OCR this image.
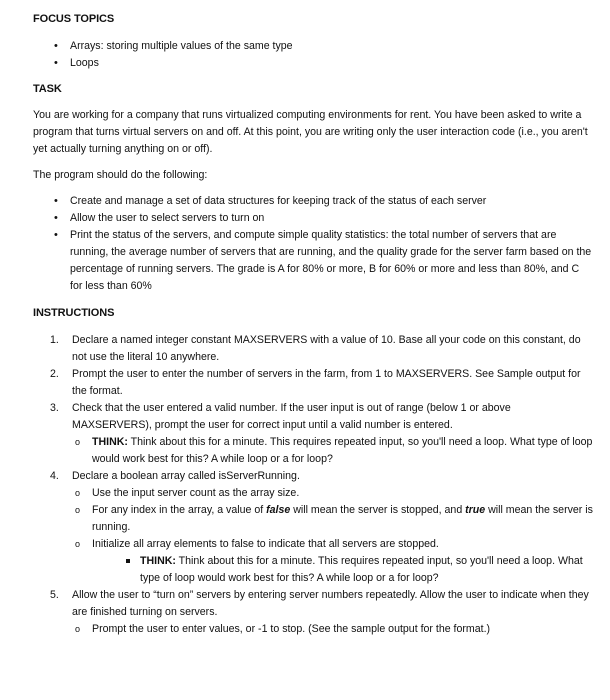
FOCUS TOPICS
• Arrays: storing multiple values of the same type
• Loops
TASK

You are working for a company that runs virtualized computing environments for rent. You have been asked to write a program that turns virtual servers on and off. At this point, you are writing only the user interaction code (i.e., you aren't yet actually turning anything on or off).

The program should do the following:

• Create and manage a set of data structures for keeping track of the status of each server
• Allow the user to select servers to turn on
• Print the status of the servers, and compute simple quality statistics: the total number of servers that are running, the average number of servers that are running, and the quality grade for the server farm based on the percentage of running servers. The grade is A for 80% or more, B for 60% or more and less than 80%, and C for less than 60%
INSTRUCTIONS
1. Declare a named integer constant MAXSERVERS with a value of 10. Base all your code on this constant, do not use the literal 10 anywhere.
2. Prompt the user to enter the number of servers in the farm, from 1 to MAXSERVERS. See Sample output for the format.
3. Check that the user entered a valid number. If the user input is out of range (below 1 or above MAXSERVERS), prompt the user for correct input until a valid number is entered.
o THINK: Think about this for a minute. This requires repeated input, so you'll need a loop. What type of loop would work best for this? A while loop or a for loop?
4. Declare a boolean array called isServerRunning.
o Use the input server count as the array size.
o For any index in the array, a value of false will mean the server is stopped, and true will mean the server is running.
o Initialize all array elements to false to indicate that all servers are stopped.
THINK: Think about this for a minute. This requires repeated input, so you'll need a loop. What type of loop would work best for this? A while loop or a for loop?
5. Allow the user to “turn on” servers by entering server numbers repeatedly. Allow the user to indicate when they are finished turning on servers.
o Prompt the user to enter values, or -1 to stop. (See the sample output for the format.)
